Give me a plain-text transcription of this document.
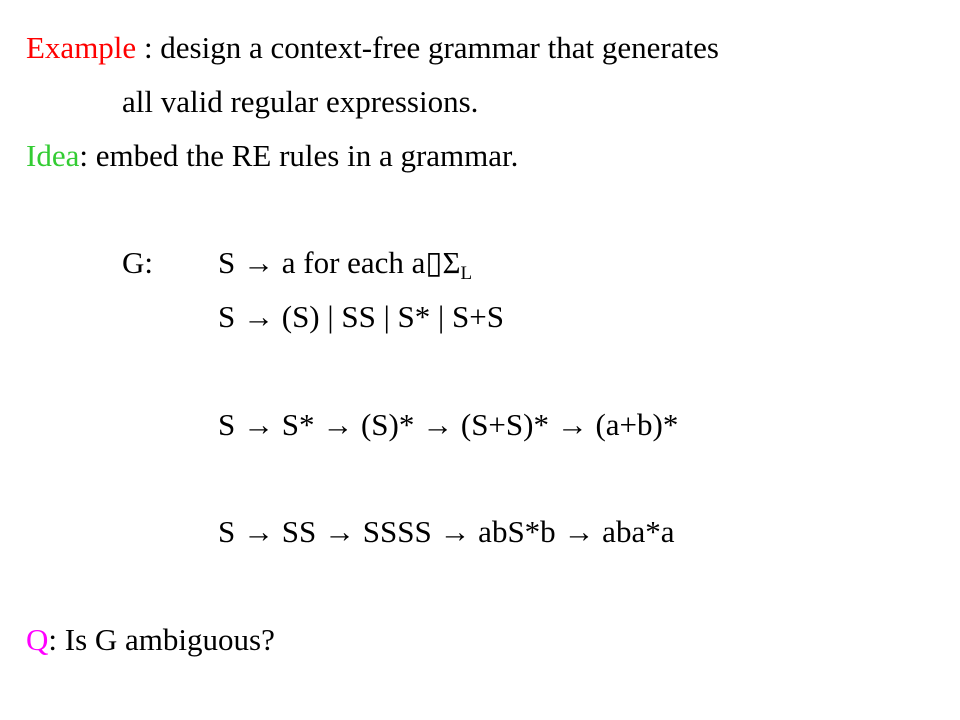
Example : design a context-free grammar that generates
all valid regular expressions.
Idea: embed the RE rules in a grammar.
G: S → a for each a▯ΣL
S → (S) | SS | S* | S+S
S → S* → (S)* → (S+S)* → (a+b)*
S → SS → SSSS → abS*b → aba*a
Q: Is G ambiguous?
